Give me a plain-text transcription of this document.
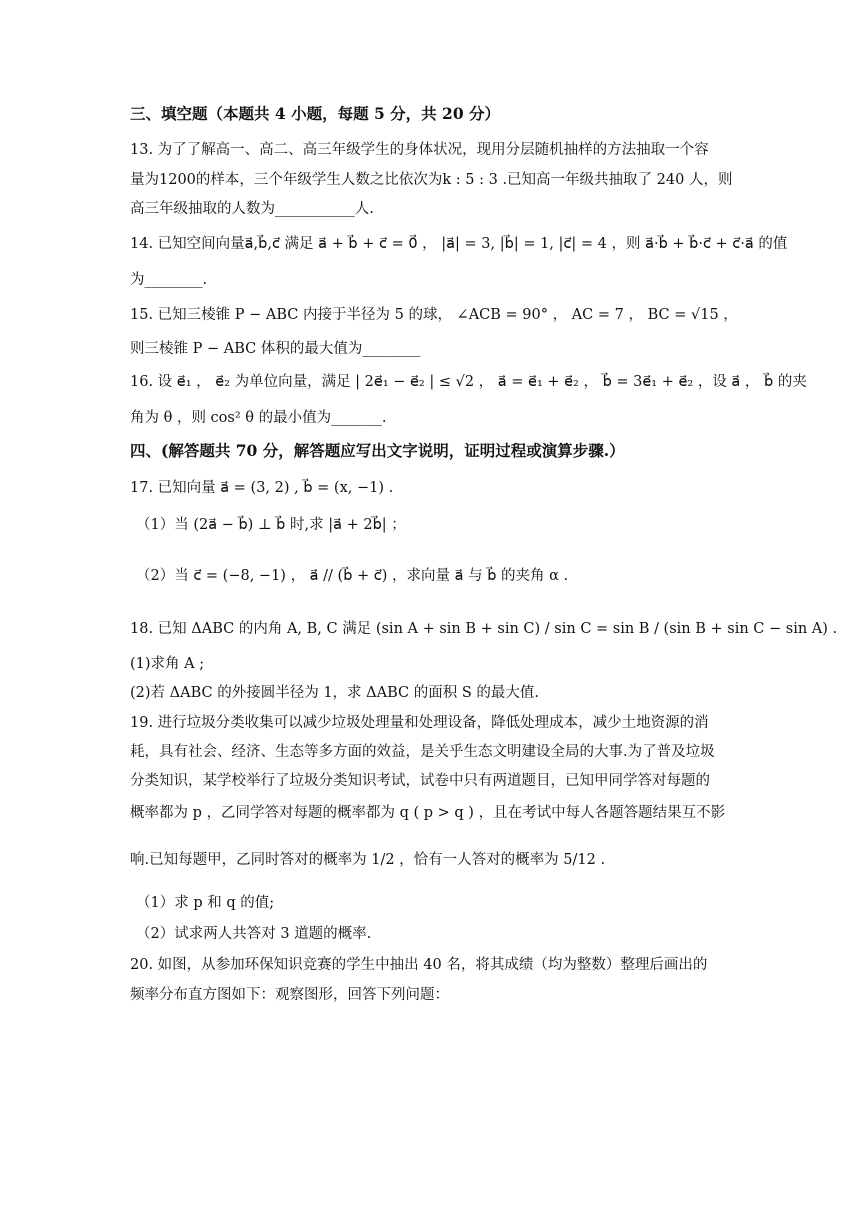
三、填空题（本题共 4 小题，每题 5 分，共 20 分）
13. 为了了解高一、高二、高三年级学生的身体状况，现用分层随机抽样的方法抽取一个容
量为1200的样本，三个年级学生人数之比依次为k : 5 : 3 .已知高一年级共抽取了 240 人，则
高三年级抽取的人数为___________人.
14. 已知空间向量a⃗,b⃗,c⃗ 满足 a⃗ + b⃗ + c⃗ = 0⃗ ， |a⃗| = 3, |b⃗| = 1, |c⃗| = 4 ，则 a⃗·b⃗ + b⃗·c⃗ + c⃗·a⃗ 的值
为________.
15. 已知三棱锥 P − ABC 内接于半径为 5 的球， ∠ACB = 90° ， AC = 7 ， BC = √15 ，
则三棱锥 P − ABC 体积的最大值为________
16. 设 e⃗₁ ， e⃗₂ 为单位向量，满足 | 2e⃗₁ − e⃗₂ | ≤ √2 ， a⃗ = e⃗₁ + e⃗₂ ， b⃗ = 3e⃗₁ + e⃗₂ ，设 a⃗ ， b⃗ 的夹
角为 θ ，则 cos² θ 的最小值为_______.
四、(解答题共 70 分，解答题应写出文字说明，证明过程或演算步骤.）
17. 已知向量 a⃗ = (3, 2) , b⃗ = (x, −1) .
（1）当 (2a⃗ − b⃗) ⊥ b⃗ 时,求 |a⃗ + 2b⃗| ；
（2）当 c⃗ = (−8, −1) ， a⃗ // (b⃗ + c⃗) ，求向量 a⃗ 与 b⃗ 的夹角 α .
18. 已知 ΔABC 的内角 A, B, C 满足 (sin A + sin B + sin C) / sin C = sin B / (sin B + sin C − sin A) .
(1)求角 A ;
(2)若 ΔABC 的外接圆半径为 1，求 ΔABC 的面积 S 的最大值.
19. 进行垃圾分类收集可以减少垃圾处理量和处理设备，降低处理成本，减少土地资源的消
耗，具有社会、经济、生态等多方面的效益，是关乎生态文明建设全局的大事.为了普及垃圾
分类知识，某学校举行了垃圾分类知识考试，试卷中只有两道题目，已知甲同学答对每题的
概率都为 p ，乙同学答对每题的概率都为 q ( p > q ) ，且在考试中每人各题答题结果互不影
响.已知每题甲，乙同时答对的概率为 1/2 ，恰有一人答对的概率为 5/12 .
（1）求 p 和 q 的值;
（2）试求两人共答对 3 道题的概率.
20. 如图，从参加环保知识竞赛的学生中抽出 40 名，将其成绩（均为整数）整理后画出的
频率分布直方图如下：观察图形，回答下列问题：
